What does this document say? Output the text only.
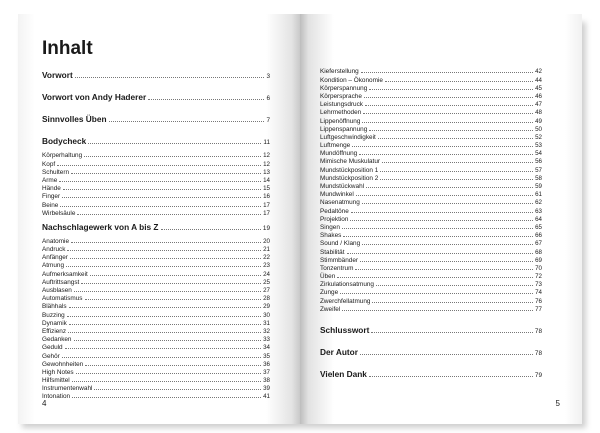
Inhalt
Vorwort	3
Vorwort von Andy Haderer	6
Sinnvolles Üben	7
Bodycheck	11
Körperhaltung	12
Kopf	12
Schultern	13
Arme	14
Hände	15
Finger	16
Beine	17
Wirbelsäule	17
Nachschlagewerk von A bis Z	19
Anatomie	20
Andruck	21
Anfänger	22
Atmung	23
Aufmerksamkeit	24
Auftrittsangst	25
Ausblasen	27
Automatismus	28
Blähhals	29
Buzzing	30
Dynamik	31
Effizienz	32
Gedanken	33
Geduld	34
Gehör	35
Gewohnheiten	36
High Notes	37
Hilfsmittel	38
Instrumentenwahl	39
Intonation	41
4
Kieferstellung	42
Kondition – Ökonomie	44
Körperspannung	45
Körpersprache	46
Leistungsdruck	47
Lehrmethoden	48
Lippenöffnung	49
Lippenspannung	50
Luftgeschwindigkeit	52
Luftmenge	53
Mundöffnung	54
Mimische Muskulatur	56
Mundstückposition 1	57
Mundstückposition 2	58
Mundstückwahl	59
Mundwinkel	61
Nasenatmung	62
Pedaltöne	63
Projektion	64
Singen	65
Shakes	66
Sound / Klang	67
Stabilität	68
Stimmbänder	69
Tonzentrum	70
Üben	72
Zirkulationsatmung	73
Zunge	74
Zwerchfellatmung	76
Zweifel	77
Schlusswort	78
Der Autor	78
Vielen Dank	79
5
